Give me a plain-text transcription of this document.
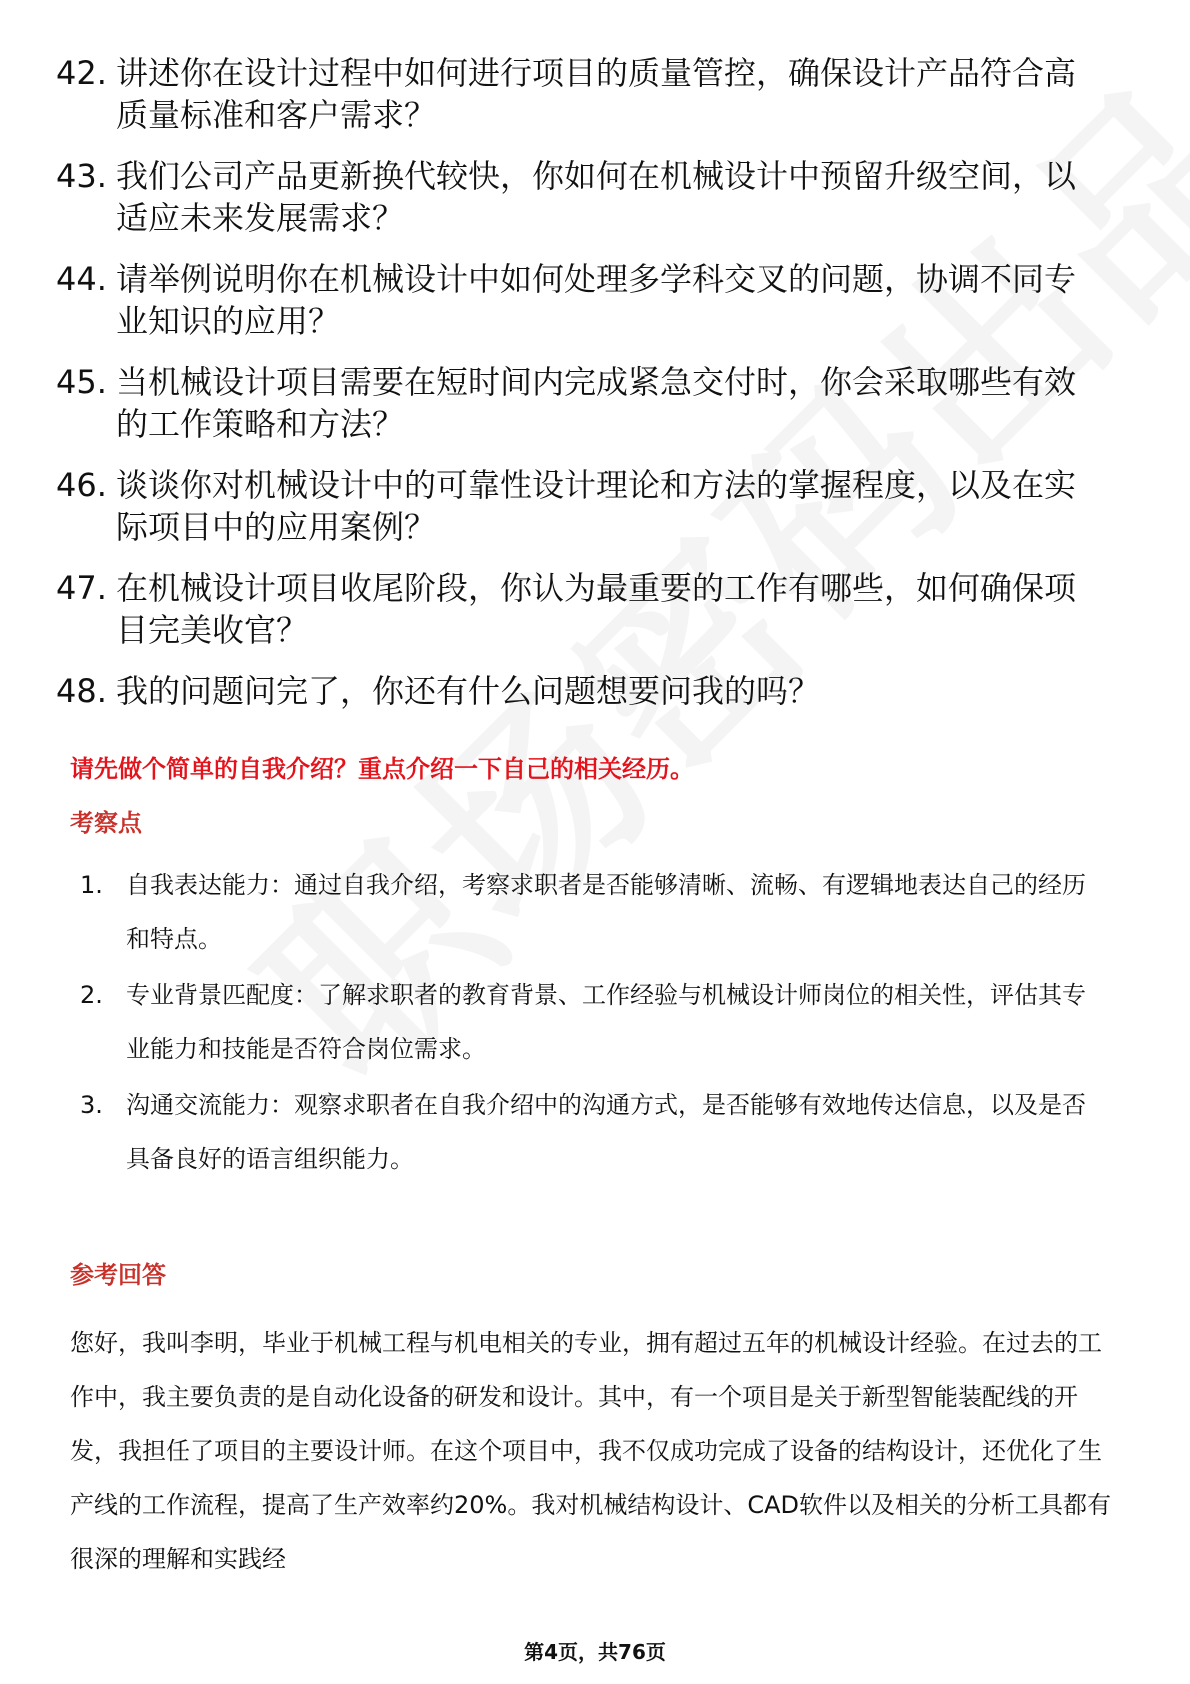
42. 讲述你在设计过程中如何进行项目的质量管控，确保设计产品符合高质量标准和客户需求？
43. 我们公司产品更新换代较快，你如何在机械设计中预留升级空间，以适应未来发展需求？
44. 请举例说明你在机械设计中如何处理多学科交叉的问题，协调不同专业知识的应用？
45. 当机械设计项目需要在短时间内完成紧急交付时，你会采取哪些有效的工作策略和方法？
46. 谈谈你对机械设计中的可靠性设计理论和方法的掌握程度，以及在实际项目中的应用案例？
47. 在机械设计项目收尾阶段，你认为最重要的工作有哪些，如何确保项目完美收官？
48. 我的问题问完了，你还有什么问题想要问我的吗？
请先做个简单的自我介绍？重点介绍一下自己的相关经历。
考察点
1. 自我表达能力：通过自我介绍，考察求职者是否能够清晰、流畅、有逻辑地表达自己的经历和特点。
2. 专业背景匹配度：了解求职者的教育背景、工作经验与机械设计师岗位的相关性，评估其专业能力和技能是否符合岗位需求。
3. 沟通交流能力：观察求职者在自我介绍中的沟通方式，是否能够有效地传达信息，以及是否具备良好的语言组织能力。
参考回答

您好，我叫李明，毕业于机械工程与机电相关的专业，拥有超过五年的机械设计经验。在过去的工作中，我主要负责的是自动化设备的研发和设计。其中，有一个项目是关于新型智能装配线的开发，我担任了项目的主要设计师。在这个项目中，我不仅成功完成了设备的结构设计，还优化了生产线的工作流程，提高了生产效率约20%。我对机械结构设计、CAD软件以及相关的分析工具都有很深的理解和实践经

第4页，共76页
